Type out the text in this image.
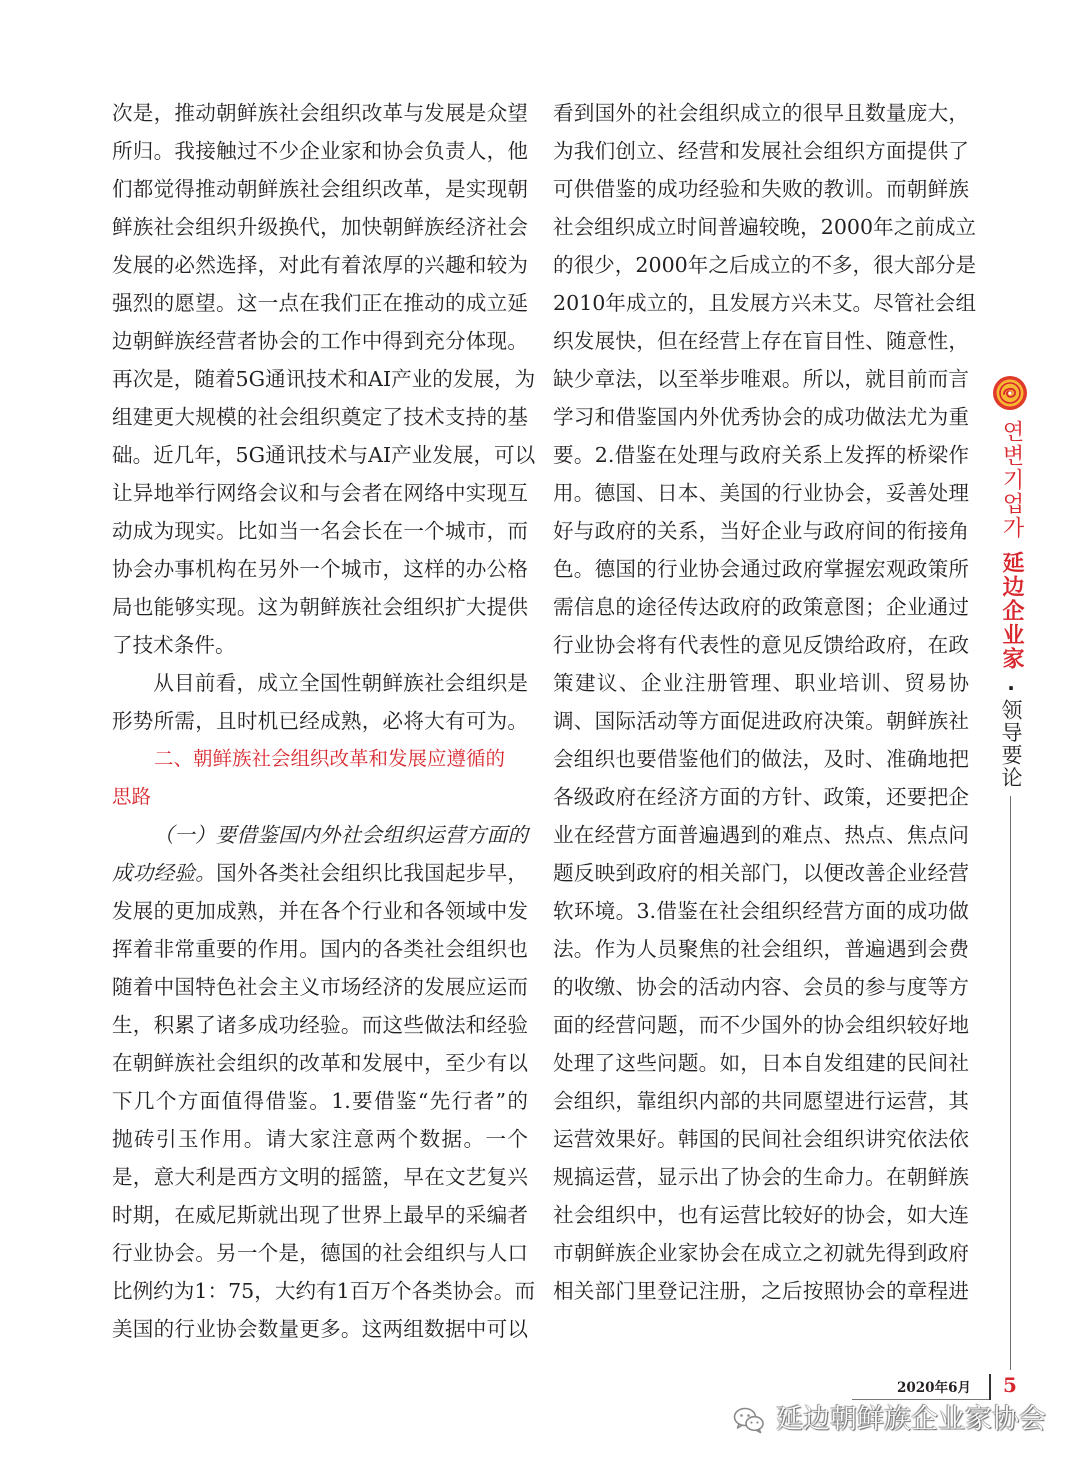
次是，推动朝鲜族社会组织改革与发展是众望
所归。我接触过不少企业家和协会负责人，他
们都觉得推动朝鲜族社会组织改革，是实现朝
鲜族社会组织升级换代，加快朝鲜族经济社会
发展的必然选择，对此有着浓厚的兴趣和较为
强烈的愿望。这一点在我们正在推动的成立延
边朝鲜族经营者协会的工作中得到充分体现。
再次是，随着5G通讯技术和AI产业的发展，为
组建更大规模的社会组织奠定了技术支持的基
础。近几年，5G通讯技术与AI产业发展，可以
让异地举行网络会议和与会者在网络中实现互
动成为现实。比如当一名会长在一个城市，而
协会办事机构在另外一个城市，这样的办公格
局也能够实现。这为朝鲜族社会组织扩大提供
了技术条件。
从目前看，成立全国性朝鲜族社会组织是
形势所需，且时机已经成熟，必将大有可为。
二、朝鲜族社会组织改革和发展应遵循的
思路
（一）要借鉴国内外社会组织运营方面的
成功经验。国外各类社会组织比我国起步早，
发展的更加成熟，并在各个行业和各领域中发
挥着非常重要的作用。国内的各类社会组织也
随着中国特色社会主义市场经济的发展应运而
生，积累了诸多成功经验。而这些做法和经验
在朝鲜族社会组织的改革和发展中，至少有以
下几个方面值得借鉴。1.要借鉴“先行者”的
抛砖引玉作用。请大家注意两个数据。一个
是，意大利是西方文明的摇篮，早在文艺复兴
时期，在威尼斯就出现了世界上最早的采编者
行业协会。另一个是，德国的社会组织与人口
比例约为1：75，大约有1百万个各类协会。而
美国的行业协会数量更多。这两组数据中可以
看到国外的社会组织成立的很早且数量庞大，
为我们创立、经营和发展社会组织方面提供了
可供借鉴的成功经验和失败的教训。而朝鲜族
社会组织成立时间普遍较晚，2000年之前成立
的很少，2000年之后成立的不多，很大部分是
2010年成立的，且发展方兴未艾。尽管社会组
织发展快，但在经营上存在盲目性、随意性，
缺少章法，以至举步唯艰。所以，就目前而言
学习和借鉴国内外优秀协会的成功做法尤为重
要。2.借鉴在处理与政府关系上发挥的桥梁作
用。德国、日本、美国的行业协会，妥善处理
好与政府的关系，当好企业与政府间的衔接角
色。德国的行业协会通过政府掌握宏观政策所
需信息的途径传达政府的政策意图；企业通过
行业协会将有代表性的意见反馈给政府，在政
策建议、企业注册管理、职业培训、贸易协
调、国际活动等方面促进政府决策。朝鲜族社
会组织也要借鉴他们的做法，及时、准确地把
各级政府在经济方面的方针、政策，还要把企
业在经营方面普遍遇到的难点、热点、焦点问
题反映到政府的相关部门，以便改善企业经营
软环境。3.借鉴在社会组织经营方面的成功做
法。作为人员聚焦的社会组织，普遍遇到会费
的收缴、协会的活动内容、会员的参与度等方
面的经营问题，而不少国外的协会组织较好地
处理了这些问题。如，日本自发组建的民间社
会组织，靠组织内部的共同愿望进行运营，其
运营效果好。韩国的民间社会组织讲究依法依
规搞运营，显示出了协会的生命力。在朝鲜族
社会组织中，也有运营比较好的协会，如大连
市朝鲜族企业家协会在成立之初就先得到政府
相关部门里登记注册，之后按照协会的章程进
연변기업가
延边企业家
·
领导要论
2020年6月 5
延边朝鲜族企业家协会
